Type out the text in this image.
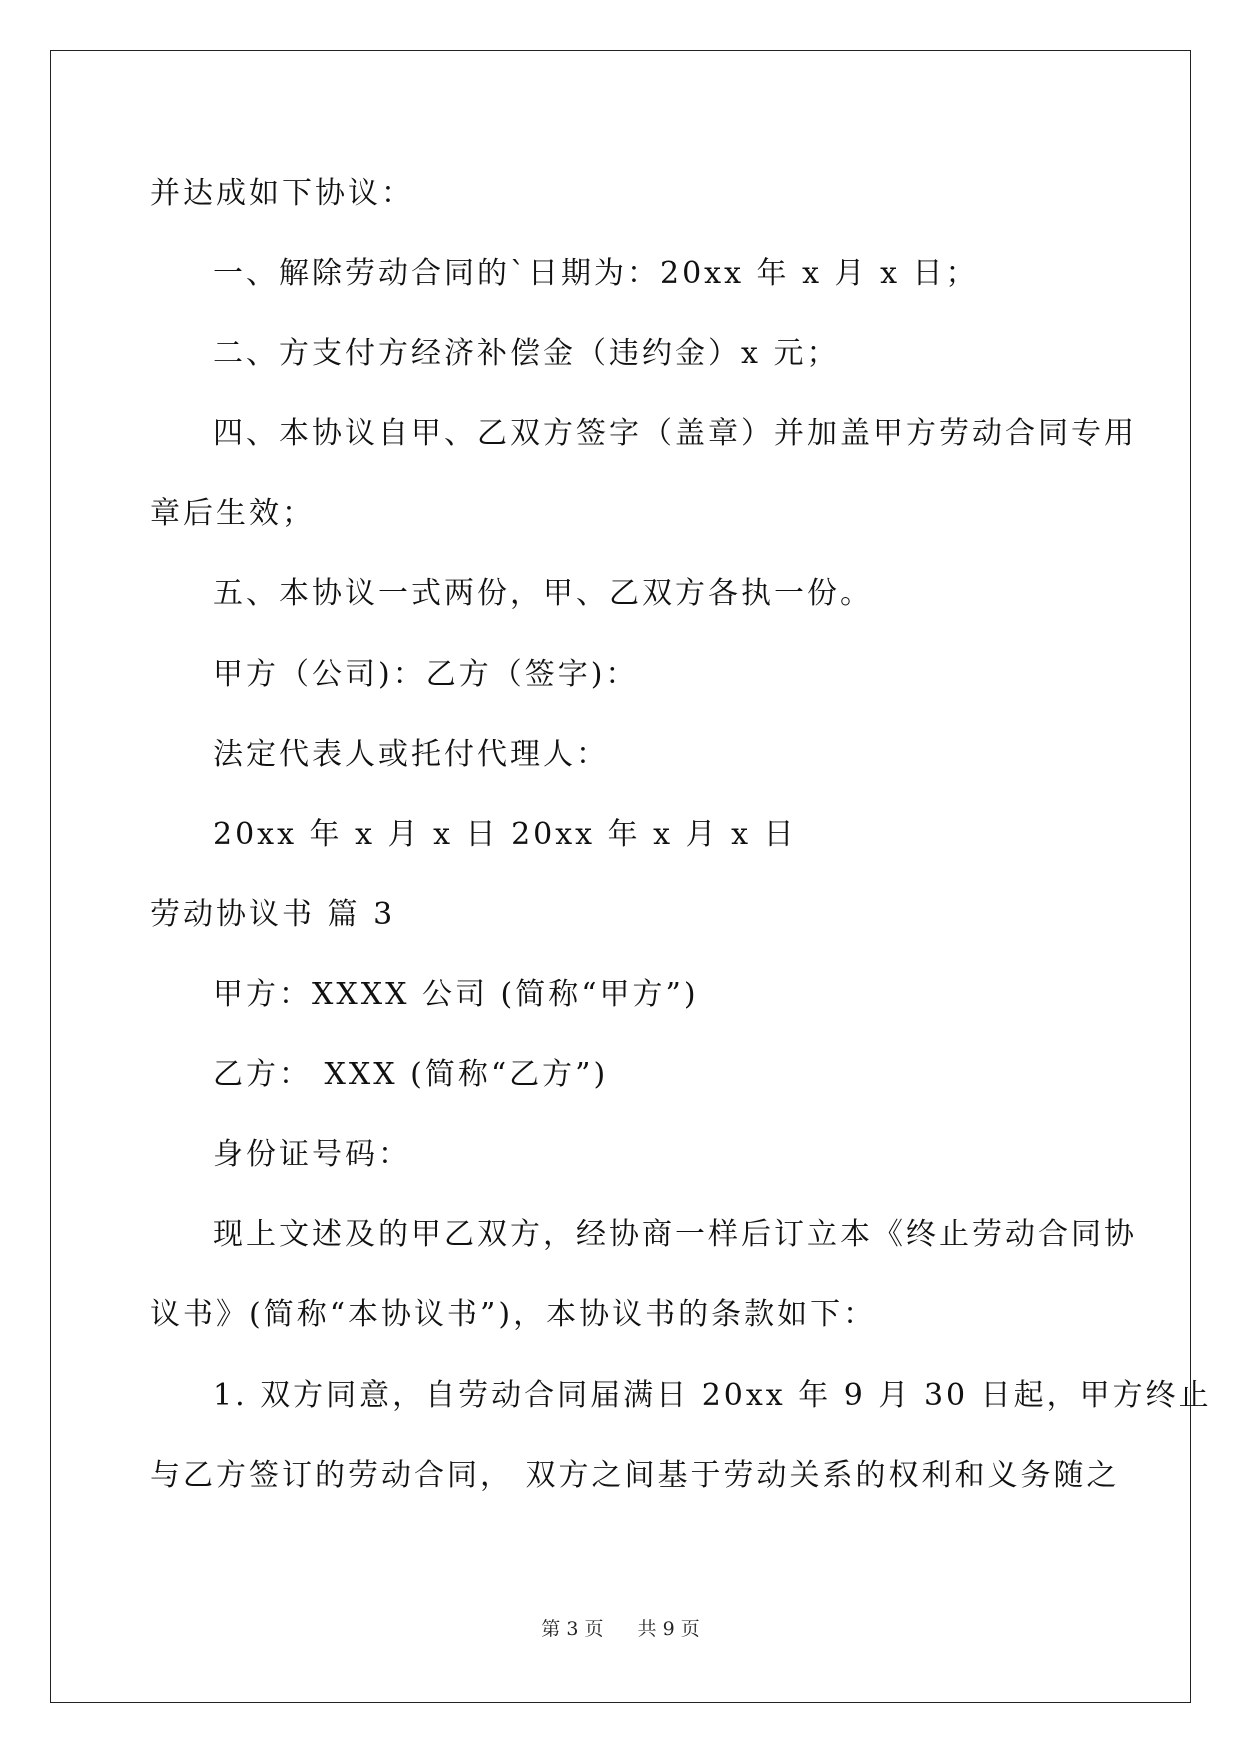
并达成如下协议：
一、解除劳动合同的`日期为：20xx 年 x 月 x 日；
二、方支付方经济补偿金（违约金）x 元；
四、本协议自甲、乙双方签字（盖章）并加盖甲方劳动合同专用
章后生效；
五、本协议一式两份，甲、乙双方各执一份。
甲方（公司)：乙方（签字)：
法定代表人或托付代理人：
20xx 年 x 月 x 日 20xx 年 x 月 x 日
劳动协议书 篇 3
甲方：XXXX 公司 (简称“甲方”)
乙方： XXX (简称“乙方”)
身份证号码：
现上文述及的甲乙双方，经协商一样后订立本《终止劳动合同协
议书》(简称“本协议书”)，本协议书的条款如下：
1. 双方同意，自劳动合同届满日 20xx 年 9 月 30 日起，甲方终止
与乙方签订的劳动合同， 双方之间基于劳动关系的权利和义务随之
第 3 页 共 9 页
